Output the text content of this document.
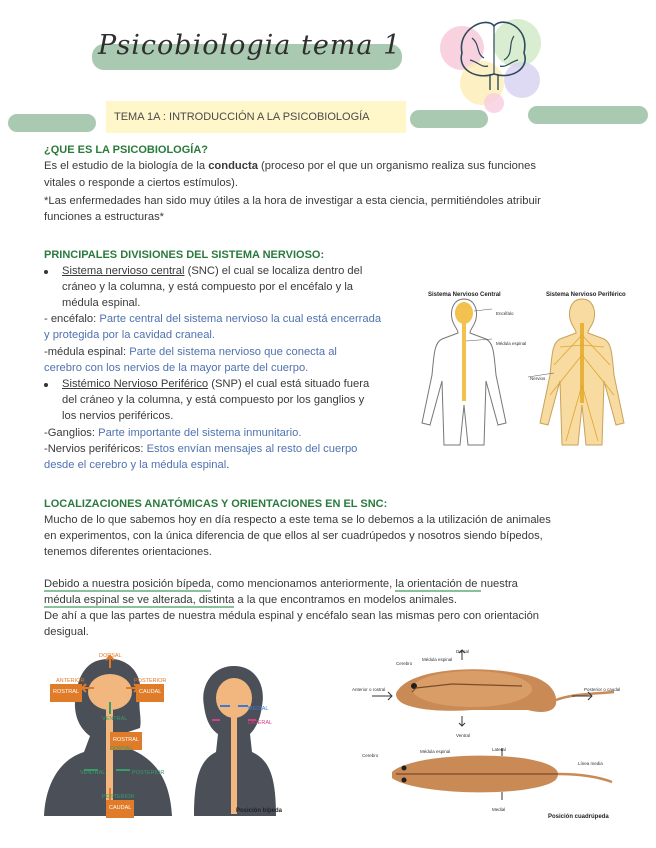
Psicobiologia tema 1
TEMA 1A : INTRODUCCIÓN A LA PSICOBIOLOGÍA
¿QUE ES LA PSICOBIOLOGÍA?
Es el estudio de la biología de la conducta (proceso por el que un organismo realiza sus funciones
vitales o responde a ciertos estímulos).
*Las enfermedades han sido muy útiles a la hora de investigar a esta ciencia, permitiéndoles atribuir
funciones a estructuras*
PRINCIPALES DIVISIONES DEL SISTEMA NERVIOSO:
Sistema nervioso central (SNC) el cual se localiza dentro del
cráneo y la columna, y está compuesto por el encéfalo y la
médula espinal.
- encéfalo: Parte central del sistema nervioso la cual está encerrada
y protegida por la cavidad craneal.
-médula espinal: Parte del sistema nervioso que conecta al
cerebro con los nervios de la mayor parte del cuerpo.
Sistémico Nervioso Periférico (SNP) el cual está situado fuera
del cráneo y la columna, y está compuesto por los ganglios y
los nervios periféricos.
-Ganglios: Parte importante del sistema inmunitario.
-Nervios periféricos: Estos envían mensajes al resto del cuerpo
desde el cerebro y la médula espinal.
Sistema Nervioso Central	Sistema Nervioso Periférico
Encéfalo
Médula espinal
Nervios
LOCALIZACIONES ANATÓMICAS Y ORIENTACIONES EN EL SNC:
Mucho de lo que sabemos hoy en día respecto a este tema se lo debemos a la utilización de animales
en experimentos, con la única diferencia de que ellos al ser cuadrúpedos y nosotros siendo bípedos,
tenemos diferentes orientaciones.
Debido a nuestra posición bípeda, como mencionamos anteriormente, la orientación de nuestra
médula espinal se ve alterada, distinta a la que encontramos en modelos animales.
De ahí a que las partes de nuestra médula espinal y encéfalo sean las mismas pero con orientación
desigual.
DORSAL
ANTERIOR	POSTERIOR
ROSTRAL	CAUDAL
VENTRAL
ROSTRAL
DORSAL
VENTRAL	POSTERIOR
POSTERIOR
CAUDAL
MEDIAL
LATERAL
Posición bípeda
Cerebro
Médula espinal
Dorsal
Anterior o rostral	Posterior o caudal
Ventral
Cerebro
Médula espinal	Lateral
Línea media
Medial
Posición cuadrúpeda
